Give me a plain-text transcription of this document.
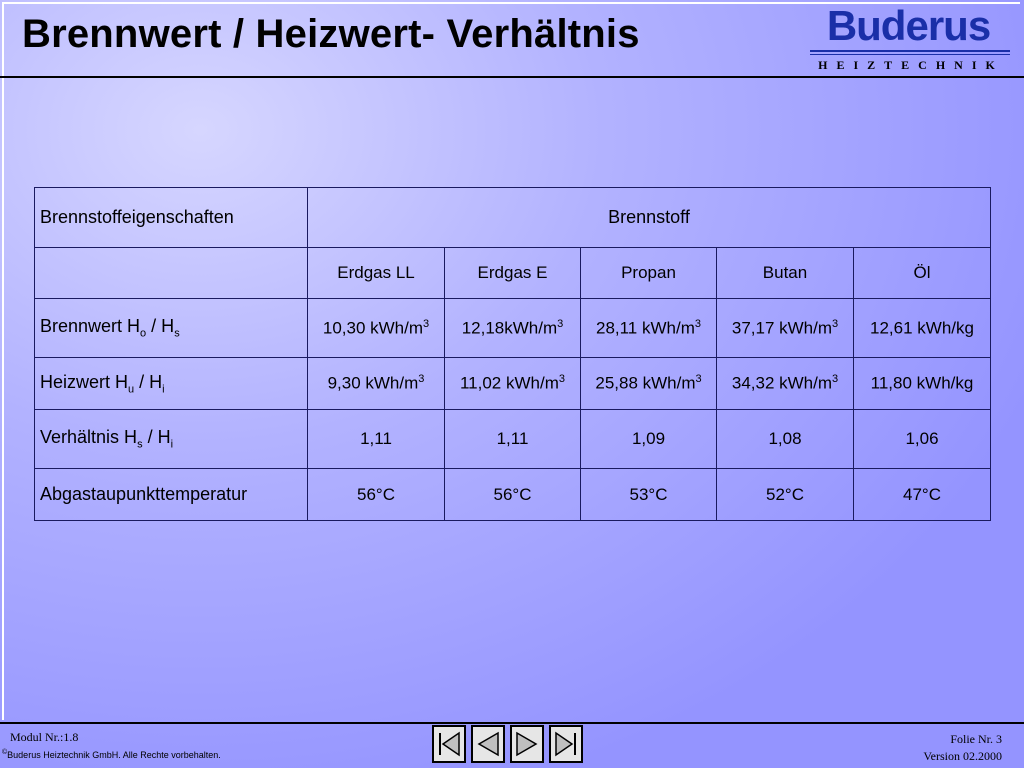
Brennwert / Heizwert- Verhältnis	Buderus
HEIZTECHNIK
Brennstoffeigenschaften	Brennstoff				
	Erdgas LL	Erdgas E	Propan	Butan	Öl
Brennwert $H_o / H_s$	10,30 kWh/$m^3$	$12,18kWh/m^3$	28,11 kWh/$m^3$	37,17 kWh/$m^3$	12,61 kWh/kg
Heizwert $H_u / H_i$	9,30 kWh/$m^3$	11,02 kWh/$m^3$	25,88 kWh/$m^3$	34,32 kWh/$m^3$	11,80 kWh/kg
Verhältnis $H_s / H_i$	1,11	1,11	1,09	1,08	1,06
Abgastaupunkttemperatur	56°C	56°C	53°C	52°C	47°C
Modul Nr.:1.8
©Buderus Heiztechnik GmbH. Alle Rechte vorbehalten.
Folie Nr. 3
Version 02.2000
